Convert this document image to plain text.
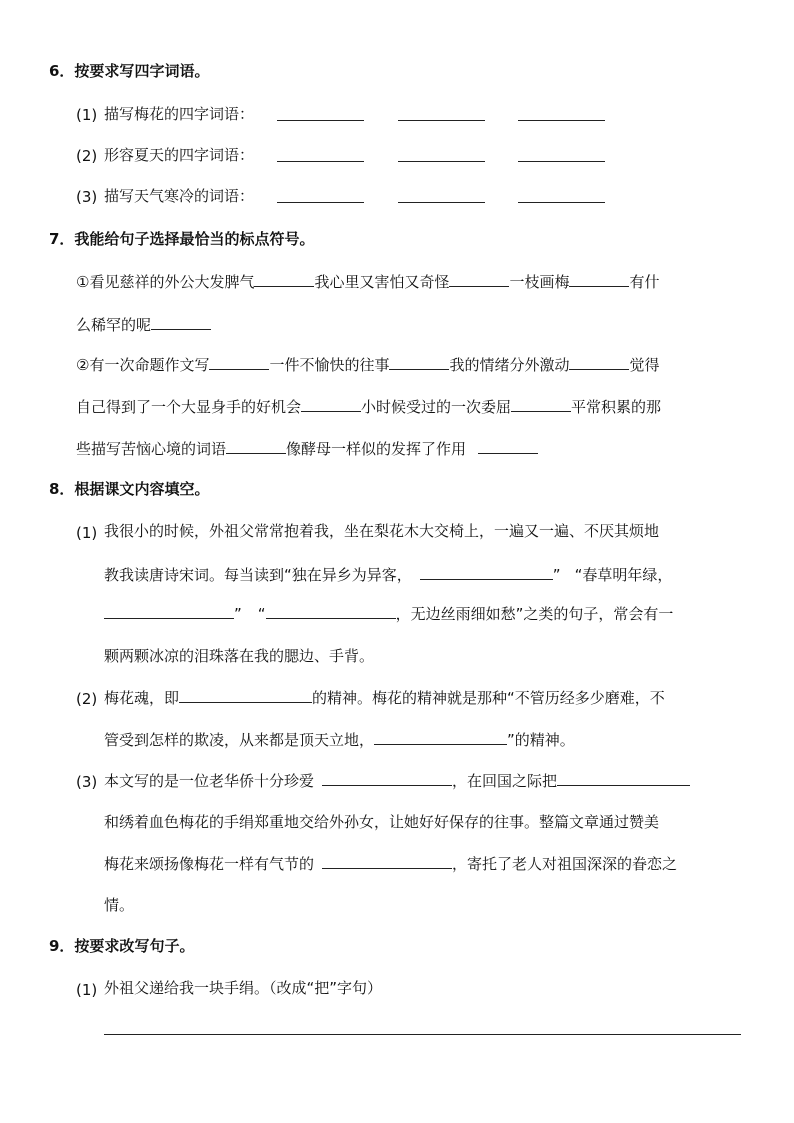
6．按要求写四字词语。
(1) 描写梅花的四字词语：
(2) 形容夏天的四字词语：
(3) 描写天气寒冷的词语：
7．我能给句子选择最恰当的标点符号。
①看见慈祥的外公大发脾气	我心里又害怕又奇怪	一枝画梅	有什
么稀罕的呢
②有一次命题作文写	一件不愉快的往事	我的情绪分外激动	觉得
自己得到了一个大显身手的好机会	小时候受过的一次委屈	平常积累的那
些描写苦恼心境的词语	像酵母一样似的发挥了作用
8．根据课文内容填空。
(1) 我很小的时候，外祖父常常抱着我，坐在梨花木大交椅上，一遍又一遍、不厌其烦地
教我读唐诗宋词。每当读到“独在异乡为异客，	” “春草明年绿，
” “	，无边丝雨细如愁”之类的句子，常会有一
颗两颗冰凉的泪珠落在我的腮边、手背。
(2) 梅花魂，即	的精神。梅花的精神就是那种“不管历经多少磨难，不
管受到怎样的欺凌，从来都是顶天立地，	”的精神。
(3) 本文写的是一位老华侨十分珍爱	，在回国之际把
和绣着血色梅花的手绢郑重地交给外孙女，让她好好保存的往事。整篇文章通过赞美
梅花来颂扬像梅花一样有气节的	，寄托了老人对祖国深深的眷恋之
情。
9．按要求改写句子。
(1) 外祖父递给我一块手绢。（改成“把”字句）
